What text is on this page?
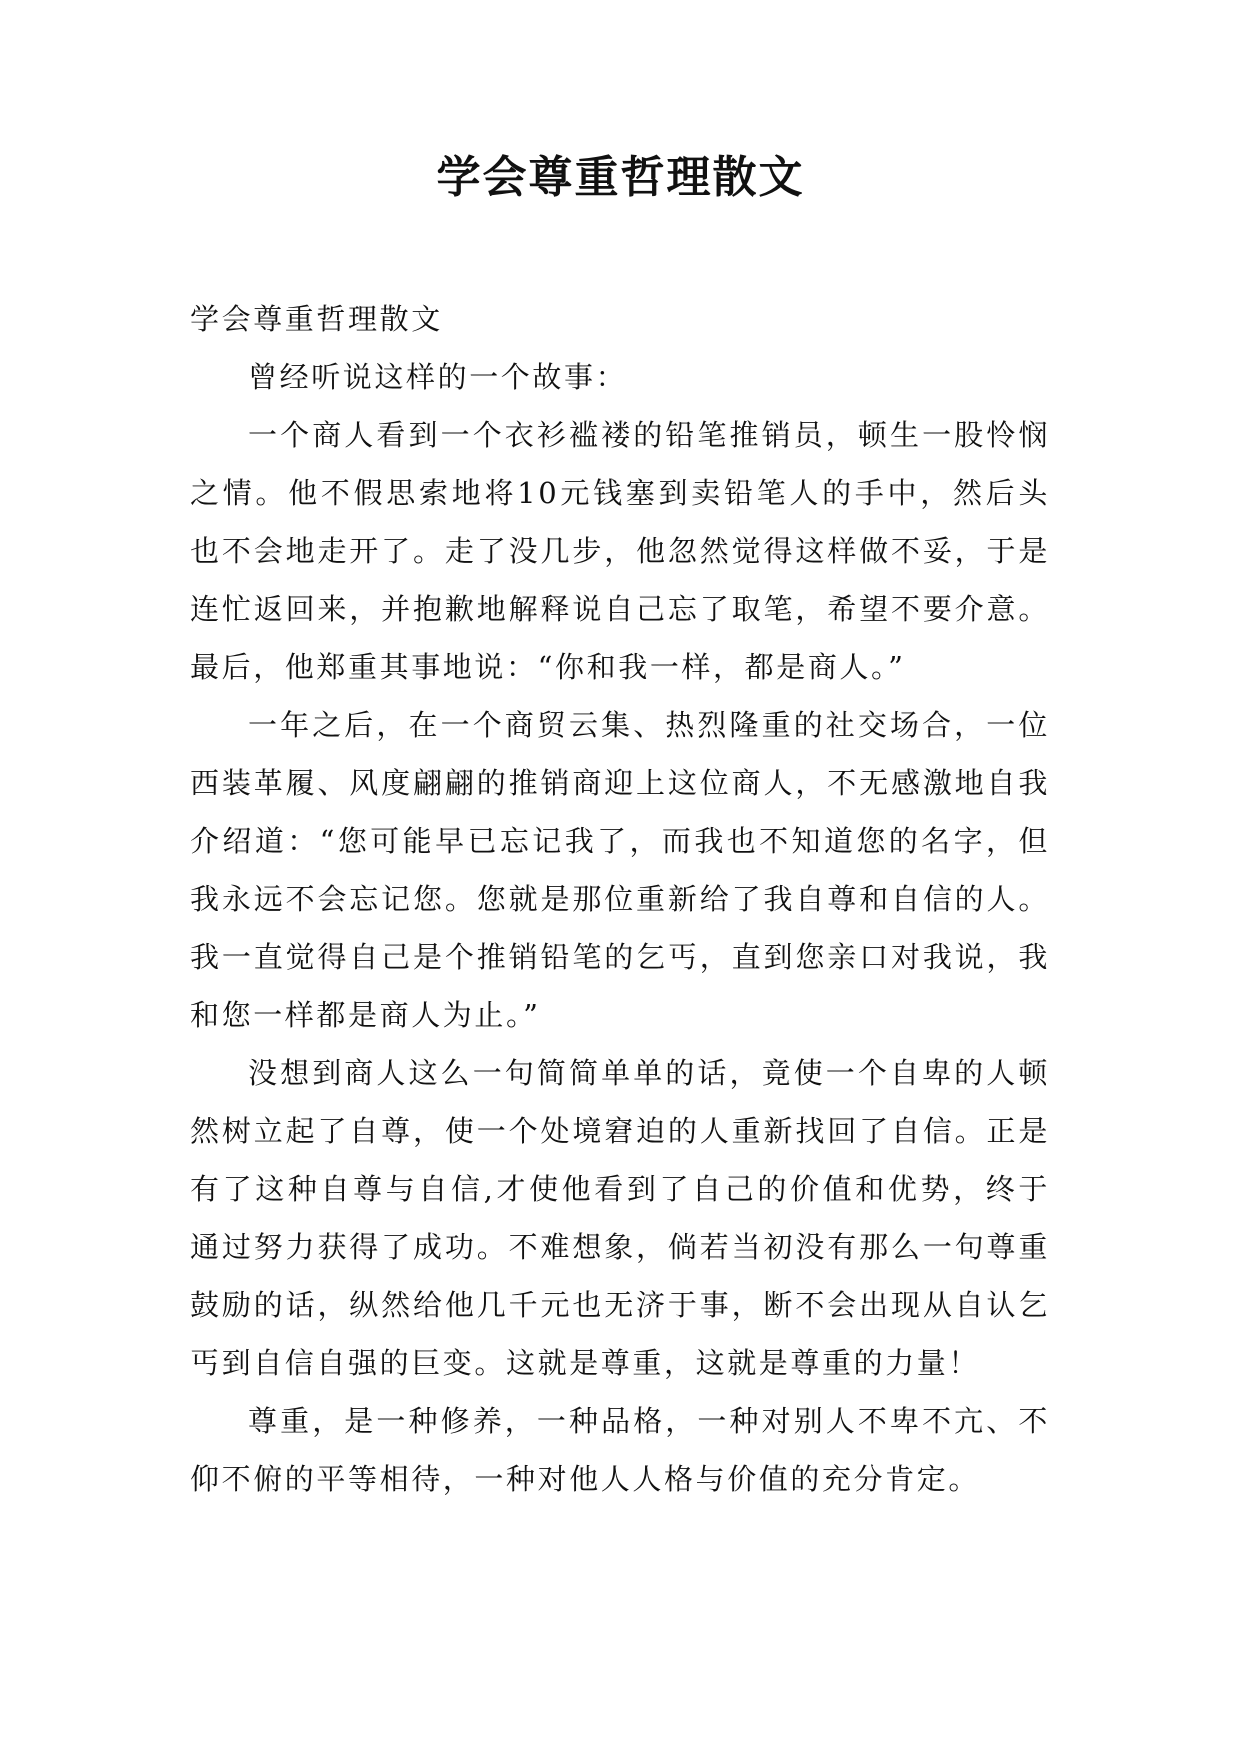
学会尊重哲理散文

学会尊重哲理散文

曾经听说这样的一个故事：

一个商人看到一个衣衫褴褛的铅笔推销员，顿生一股怜悯之情。他不假思索地将10元钱塞到卖铅笔人的手中，然后头也不会地走开了。走了没几步，他忽然觉得这样做不妥，于是连忙返回来，并抱歉地解释说自己忘了取笔，希望不要介意。最后，他郑重其事地说：“你和我一样，都是商人。”

一年之后，在一个商贸云集、热烈隆重的社交场合，一位西装革履、风度翩翩的推销商迎上这位商人，不无感激地自我介绍道：“您可能早已忘记我了，而我也不知道您的名字，但我永远不会忘记您。您就是那位重新给了我自尊和自信的人。我一直觉得自己是个推销铅笔的乞丐，直到您亲口对我说，我和您一样都是商人为止。”

没想到商人这么一句简简单单的话，竟使一个自卑的人顿然树立起了自尊，使一个处境窘迫的人重新找回了自信。正是有了这种自尊与自信,才使他看到了自己的价值和优势，终于通过努力获得了成功。不难想象，倘若当初没有那么一句尊重鼓励的话，纵然给他几千元也无济于事，断不会出现从自认乞丐到自信自强的巨变。这就是尊重，这就是尊重的力量！

尊重，是一种修养，一种品格，一种对别人不卑不亢、不仰不俯的平等相待，一种对他人人格与价值的充分肯定。
